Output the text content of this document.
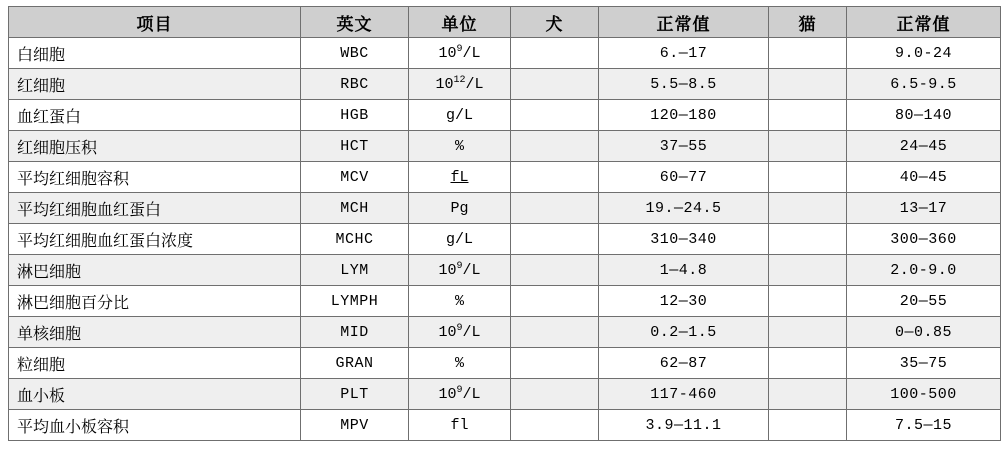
项目	英文	单位	犬	正常值	猫	正常值
白细胞	WBC	$10^9/L$		6.—17		9.0-24
红细胞	RBC	$10^{12}/L$		5.5—8.5		6.5-9.5
血红蛋白	HGB	g/L		120—180		80—140
红细胞压积	HCT	%		37—55		24—45
平均红细胞容积	MCV	fL		60—77		40—45
平均红细胞血红蛋白	MCH	Pg		19.—24.5		13—17
平均红细胞血红蛋白浓度	MCHC	g/L		310—340		300—360
淋巴细胞	LYM	$10^9/L$		1—4.8		2.0-9.0
淋巴细胞百分比	LYMPH	%		12—30		20—55
单核细胞	MID	$10^9/L$		0.2—1.5		0—0.85
粒细胞	GRAN	%		62—87		35—75
血小板	PLT	$10^9/L$		117-460		100-500
平均血小板容积	MPV	fl		3.9—11.1		7.5—15
